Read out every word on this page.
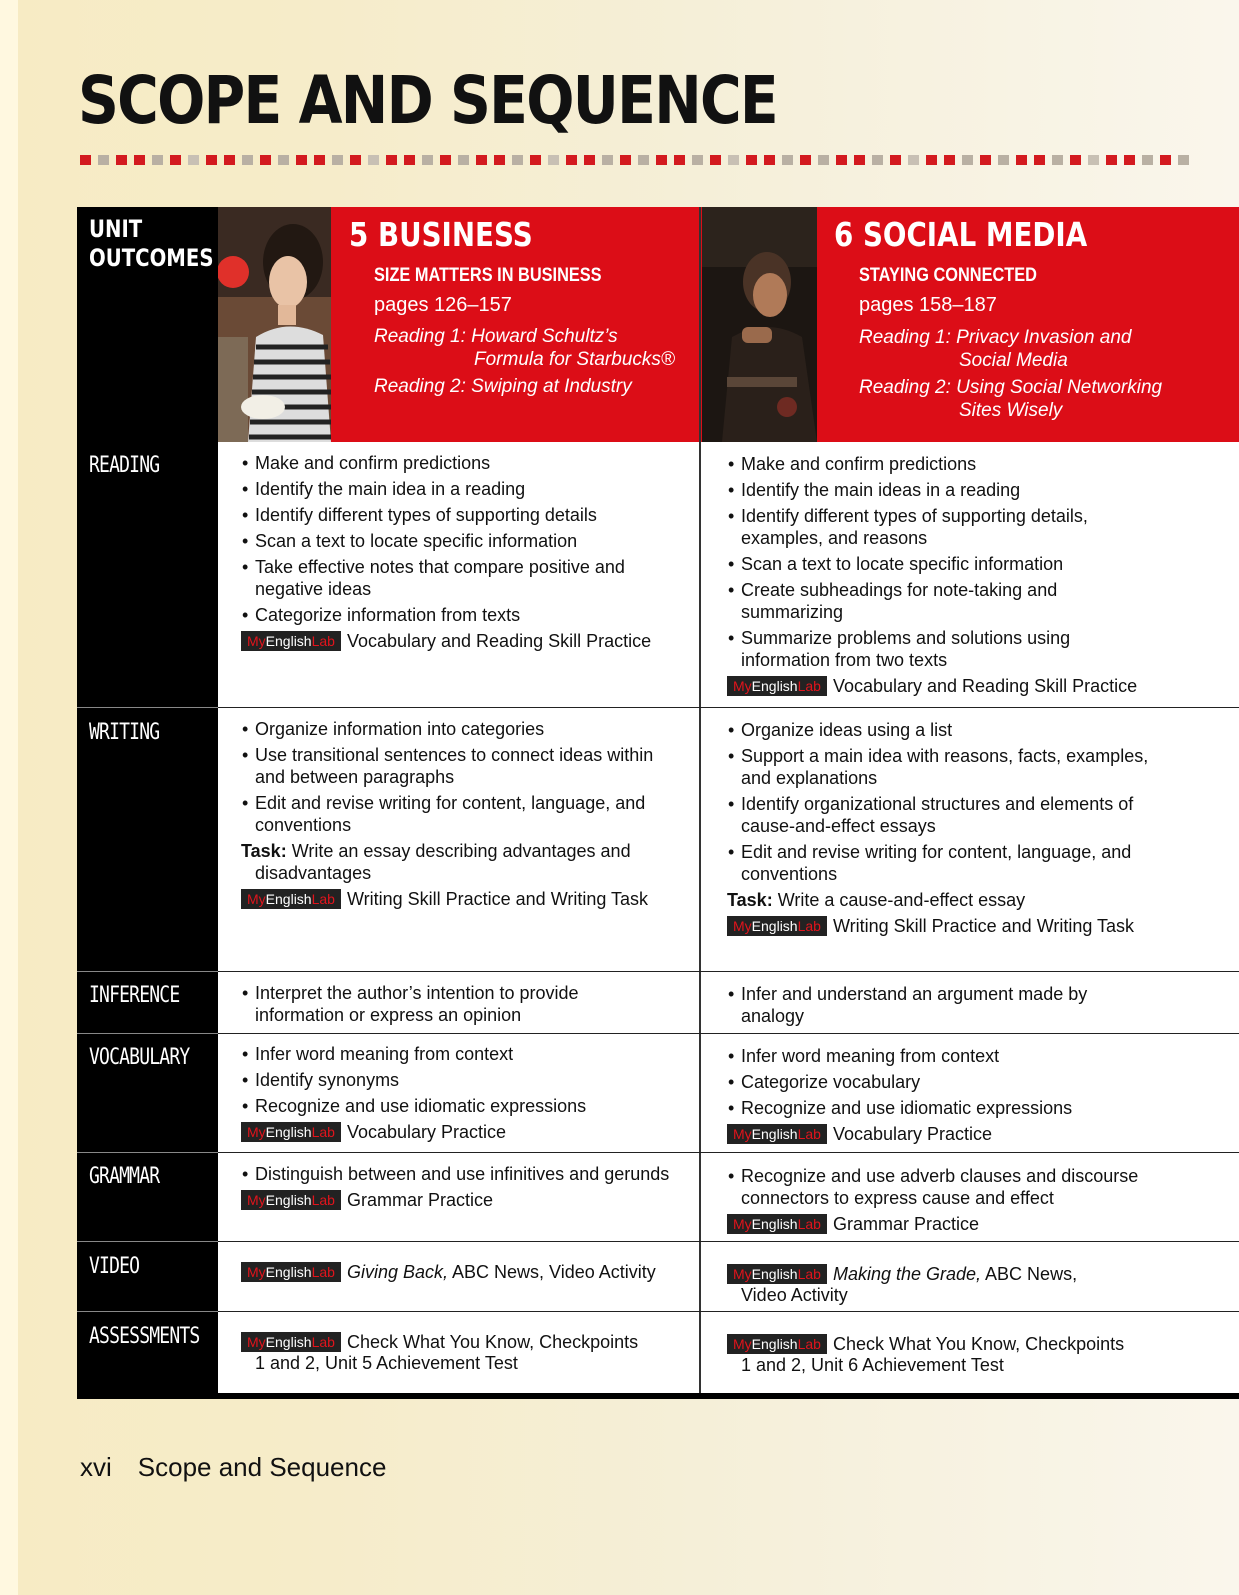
SCOPE AND SEQUENCE
UNIT
OUTCOMES
READING
WRITING
INFERENCE
VOCABULARY
GRAMMAR
VIDEO
ASSESSMENTS
5 BUSINESS
SIZE MATTERS IN BUSINESS
pages 126–157
Reading 1: Howard Schultz’s
Formula for Starbucks®
Reading 2: Swiping at Industry
6 SOCIAL MEDIA
STAYING CONNECTED
pages 158–187
Reading 1: Privacy Invasion and
Social Media
Reading 2: Using Social Networking
Sites Wisely
• Make and confirm predictions
• Identify the main idea in a reading
• Identify different types of supporting details
• Scan a text to locate specific information
• Take effective notes that compare positive and
negative ideas
• Categorize information from texts
MyEnglishLab Vocabulary and Reading Skill Practice
• Organize information into categories
• Use transitional sentences to connect ideas within
and between paragraphs
• Edit and revise writing for content, language, and
conventions
Task: Write an essay describing advantages and
disadvantages
MyEnglishLab Writing Skill Practice and Writing Task
• Interpret the author’s intention to provide
information or express an opinion
• Infer word meaning from context
• Identify synonyms
• Recognize and use idiomatic expressions
MyEnglishLab Vocabulary Practice
• Distinguish between and use infinitives and gerunds
MyEnglishLab Grammar Practice
MyEnglishLab Giving Back, ABC News, Video Activity
MyEnglishLab Check What You Know, Checkpoints
1 and 2, Unit 5 Achievement Test
• Make and confirm predictions
• Identify the main ideas in a reading
• Identify different types of supporting details,
examples, and reasons
• Scan a text to locate specific information
• Create subheadings for note-taking and
summarizing
• Summarize problems and solutions using
information from two texts
MyEnglishLab Vocabulary and Reading Skill Practice
• Organize ideas using a list
• Support a main idea with reasons, facts, examples,
and explanations
• Identify organizational structures and elements of
cause-and-effect essays
• Edit and revise writing for content, language, and
conventions
Task: Write a cause-and-effect essay
MyEnglishLab Writing Skill Practice and Writing Task
• Infer and understand an argument made by
analogy
• Infer word meaning from context
• Categorize vocabulary
• Recognize and use idiomatic expressions
MyEnglishLab Vocabulary Practice
• Recognize and use adverb clauses and discourse
connectors to express cause and effect
MyEnglishLab Grammar Practice
MyEnglishLab Making the Grade, ABC News,
Video Activity
MyEnglishLab Check What You Know, Checkpoints
1 and 2, Unit 6 Achievement Test
xvi Scope and Sequence
